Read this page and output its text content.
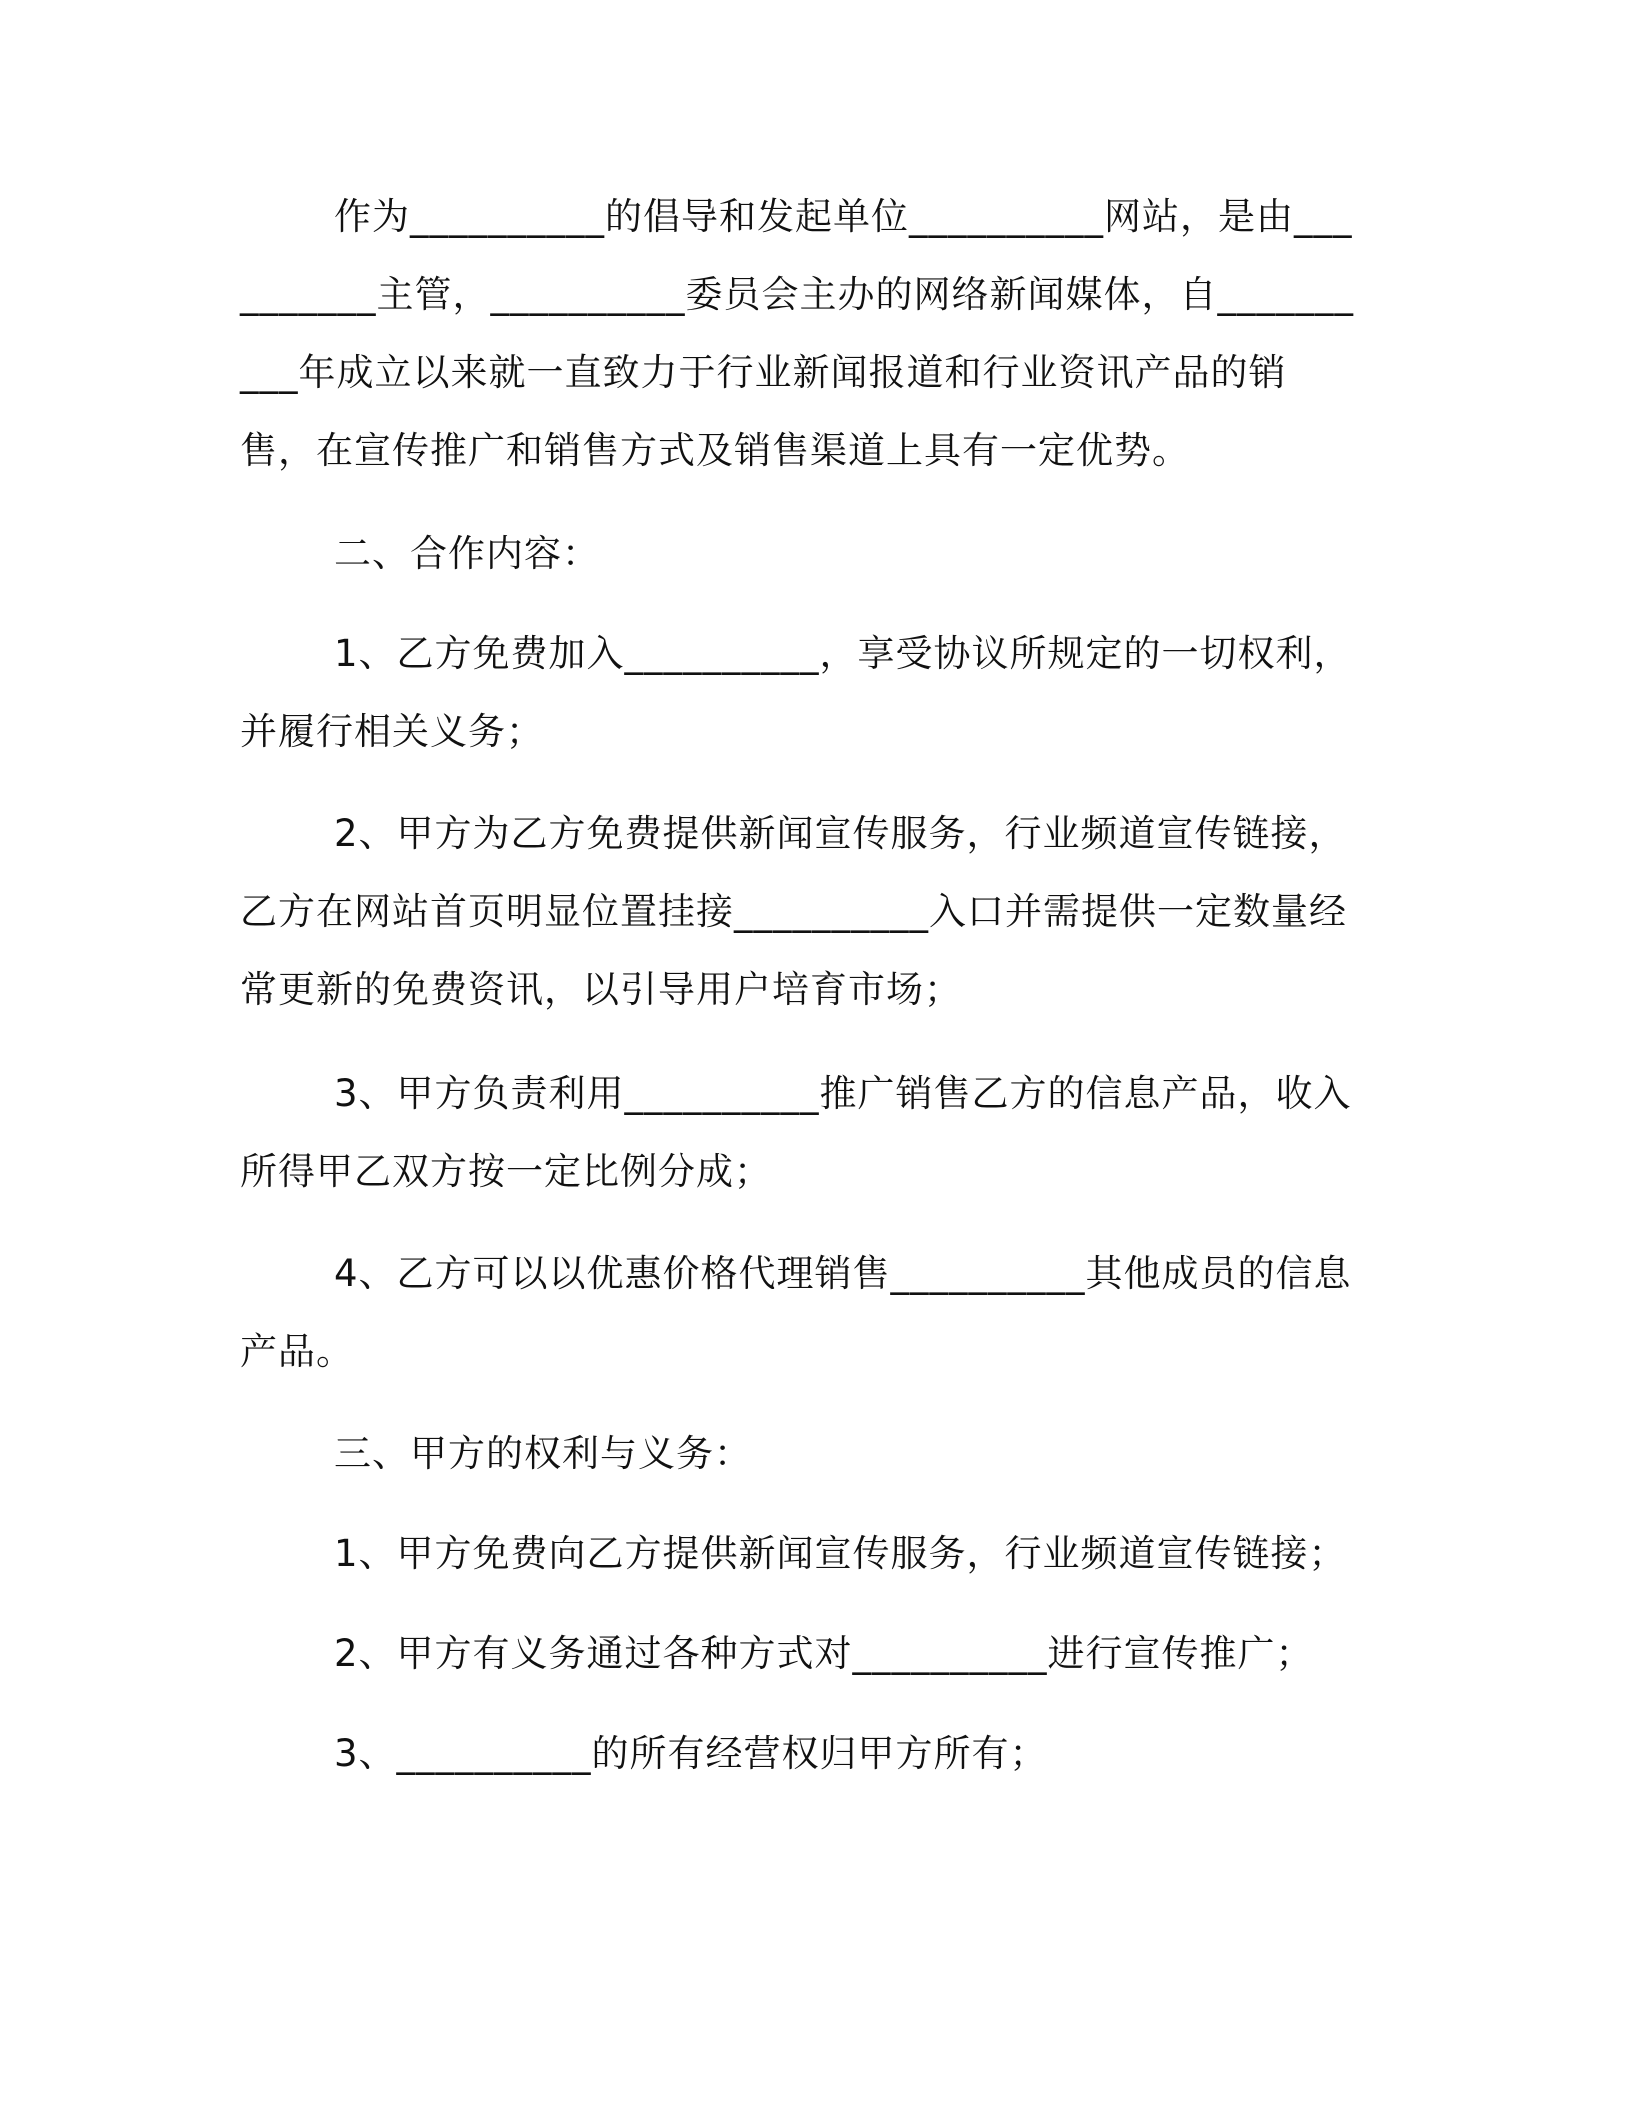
作为__________的倡导和发起单位__________网站，是由__________主管，__________委员会主办的网络新闻媒体，自__________年成立以来就一直致力于行业新闻报道和行业资讯产品的销售，在宣传推广和销售方式及销售渠道上具有一定优势。

二、合作内容：

1、乙方免费加入__________，享受协议所规定的一切权利，并履行相关义务；

2、甲方为乙方免费提供新闻宣传服务，行业频道宣传链接，乙方在网站首页明显位置挂接__________入口并需提供一定数量经常更新的免费资讯，以引导用户培育市场；

3、甲方负责利用__________推广销售乙方的信息产品，收入所得甲乙双方按一定比例分成；

4、乙方可以以优惠价格代理销售__________其他成员的信息产品。

三、甲方的权利与义务：

1、甲方免费向乙方提供新闻宣传服务，行业频道宣传链接；

2、甲方有义务通过各种方式对__________进行宣传推广；

3、__________的所有经营权归甲方所有；
